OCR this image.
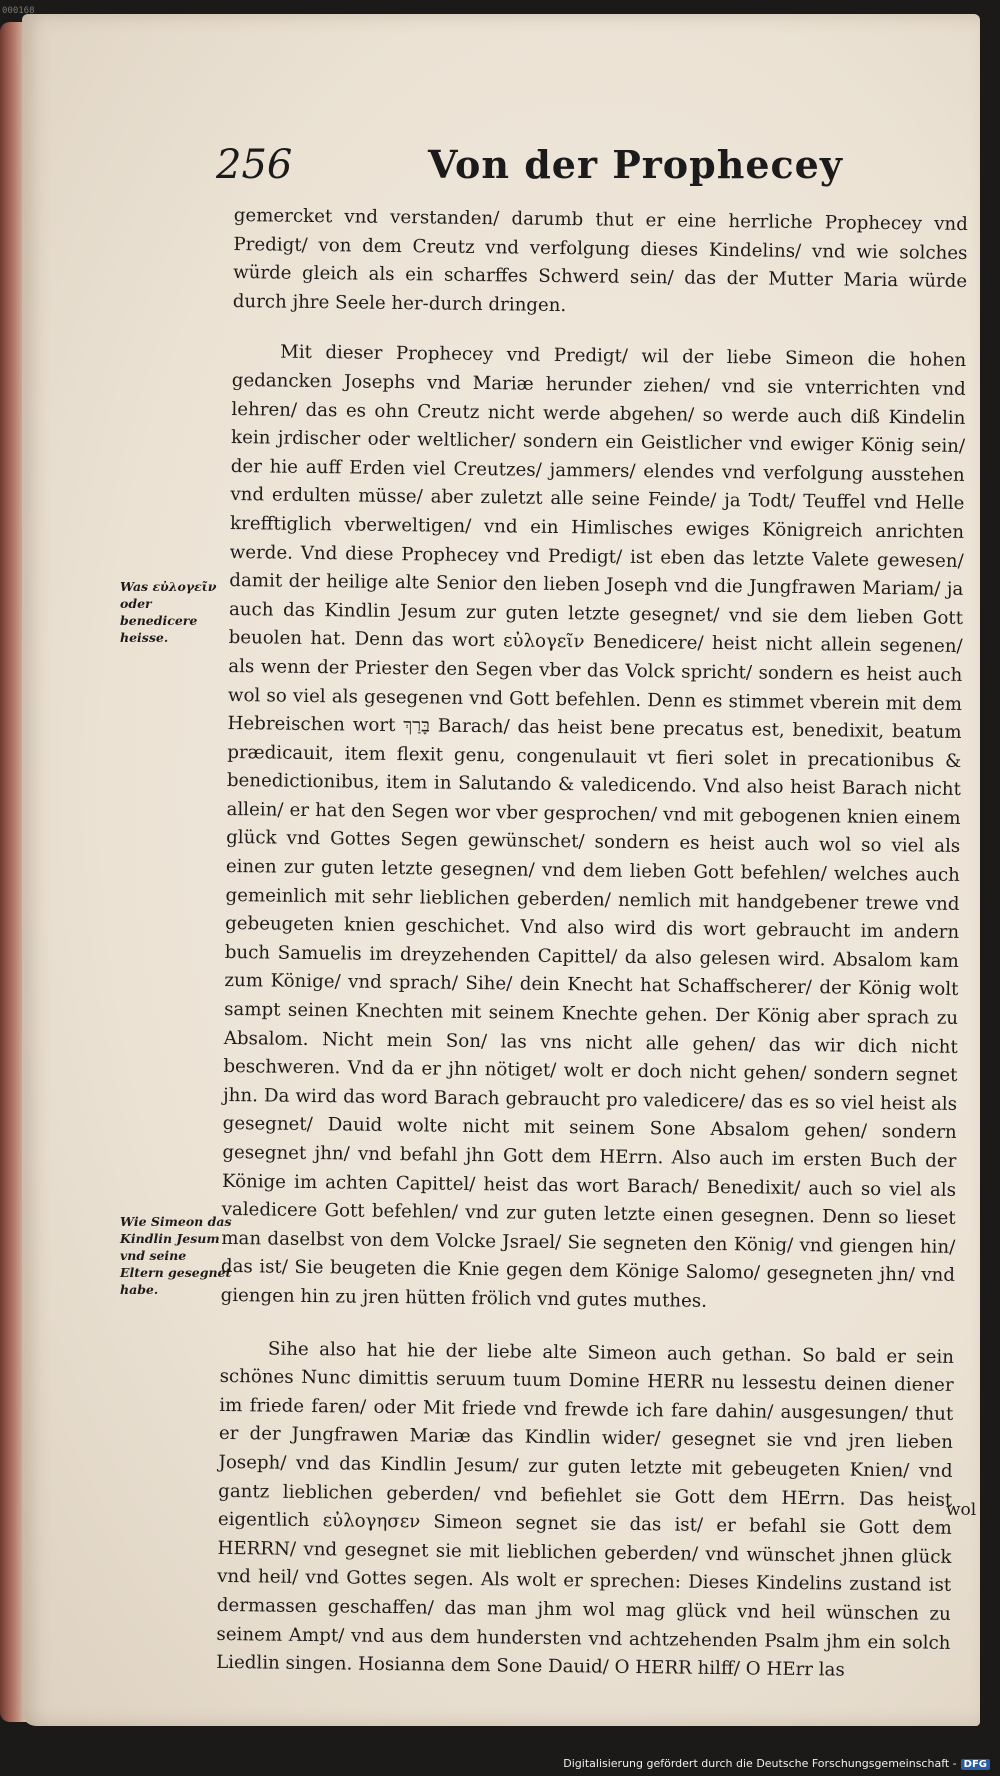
000168
256	Von der Prophecey
Was εὐλογεῖν oder benedicere heisse.
Wie Simeon das Kindlin Jesum vnd seine Eltern gesegnet habe.

gemercket vnd verstanden/ darumb thut er eine herrliche Prophecey vnd Predigt/ von dem Creutz vnd verfolgung dieses Kindelins/ vnd wie solches würde gleich als ein scharffes Schwerd sein/ das der Mutter Maria würde durch jhre Seele her-durch dringen.

Mit dieser Prophecey vnd Predigt/ wil der liebe Simeon die hohen gedancken Josephs vnd Mariæ herunder ziehen/ vnd sie vnterrichten vnd lehren/ das es ohn Creutz nicht werde abgehen/ so werde auch diß Kindelin kein jrdischer oder weltlicher/ sondern ein Geistlicher vnd ewiger König sein/ der hie auff Erden viel Creutzes/ jammers/ elendes vnd verfolgung ausstehen vnd erdulten müsse/ aber zuletzt alle seine Feinde/ ja Todt/ Teuffel vnd Helle krefftiglich vberweltigen/ vnd ein Himlisches ewiges Königreich anrichten werde. Vnd diese Prophecey vnd Predigt/ ist eben das letzte Valete gewesen/ damit der heilige alte Senior den lieben Joseph vnd die Jungfrawen Mariam/ ja auch das Kindlin Jesum zur guten letzte gesegnet/ vnd sie dem lieben Gott beuolen hat. Denn das wort εὐλογεῖν Benedicere/ heist nicht allein segenen/ als wenn der Priester den Segen vber das Volck spricht/ sondern es heist auch wol so viel als gesegenen vnd Gott befehlen. Denn es stimmet vberein mit dem Hebreischen wort בָּרַךְ Barach/ das heist bene precatus est, benedixit, beatum prædicauit, item flexit genu, congenulauit vt fieri solet in precationibus & benedictionibus, item in Salutando & valedicendo. Vnd also heist Barach nicht allein/ er hat den Segen wor vber gesprochen/ vnd mit gebogenen knien einem glück vnd Gottes Segen gewünschet/ sondern es heist auch wol so viel als einen zur guten letzte gesegnen/ vnd dem lieben Gott befehlen/ welches auch gemeinlich mit sehr lieblichen geberden/ nemlich mit handgebener trewe vnd gebeugeten knien geschichet. Vnd also wird dis wort gebraucht im andern buch Samuelis im dreyzehenden Capittel/ da also gelesen wird. Absalom kam zum Könige/ vnd sprach/ Sihe/ dein Knecht hat Schaffscherer/ der König wolt sampt seinen Knechten mit seinem Knechte gehen. Der König aber sprach zu Absalom. Nicht mein Son/ las vns nicht alle gehen/ das wir dich nicht beschweren. Vnd da er jhn nötiget/ wolt er doch nicht gehen/ sondern segnet jhn. Da wird das word Barach gebraucht pro valedicere/ das es so viel heist als gesegnet/ Dauid wolte nicht mit seinem Sone Absalom gehen/ sondern gesegnet jhn/ vnd befahl jhn Gott dem HErrn. Also auch im ersten Buch der Könige im achten Capittel/ heist das wort Barach/ Benedixit/ auch so viel als valedicere Gott befehlen/ vnd zur guten letzte einen gesegnen. Denn so lieset man daselbst von dem Volcke Jsrael/ Sie segneten den König/ vnd giengen hin/ das ist/ Sie beugeten die Knie gegen dem Könige Salomo/ gesegneten jhn/ vnd giengen hin zu jren hütten frölich vnd gutes muthes.

Sihe also hat hie der liebe alte Simeon auch gethan. So bald er sein schönes Nunc dimittis seruum tuum Domine HERR nu lessestu deinen diener im friede faren/ oder Mit friede vnd frewde ich fare dahin/ ausgesungen/ thut er der Jungfrawen Mariæ das Kindlin wider/ gesegnet sie vnd jren lieben Joseph/ vnd das Kindlin Jesum/ zur guten letzte mit gebeugeten Knien/ vnd gantz lieblichen geberden/ vnd befiehlet sie Gott dem HErrn. Das heist eigentlich εὐλογησεν Simeon segnet sie das ist/ er befahl sie Gott dem HERRN/ vnd gesegnet sie mit lieblichen geberden/ vnd wünschet jhnen glück vnd heil/ vnd Gottes segen. Als wolt er sprechen: Dieses Kindelins zustand ist dermassen geschaffen/ das man jhm wol mag glück vnd heil wünschen zu seinem Ampt/ vnd aus dem hundersten vnd achtzehenden Psalm jhm ein solch Liedlin singen. Hosianna dem Sone Dauid/ O HERR hilff/ O HErr las

wol
Digitalisierung gefördert durch die Deutsche Forschungsgemeinschaft - DFG
